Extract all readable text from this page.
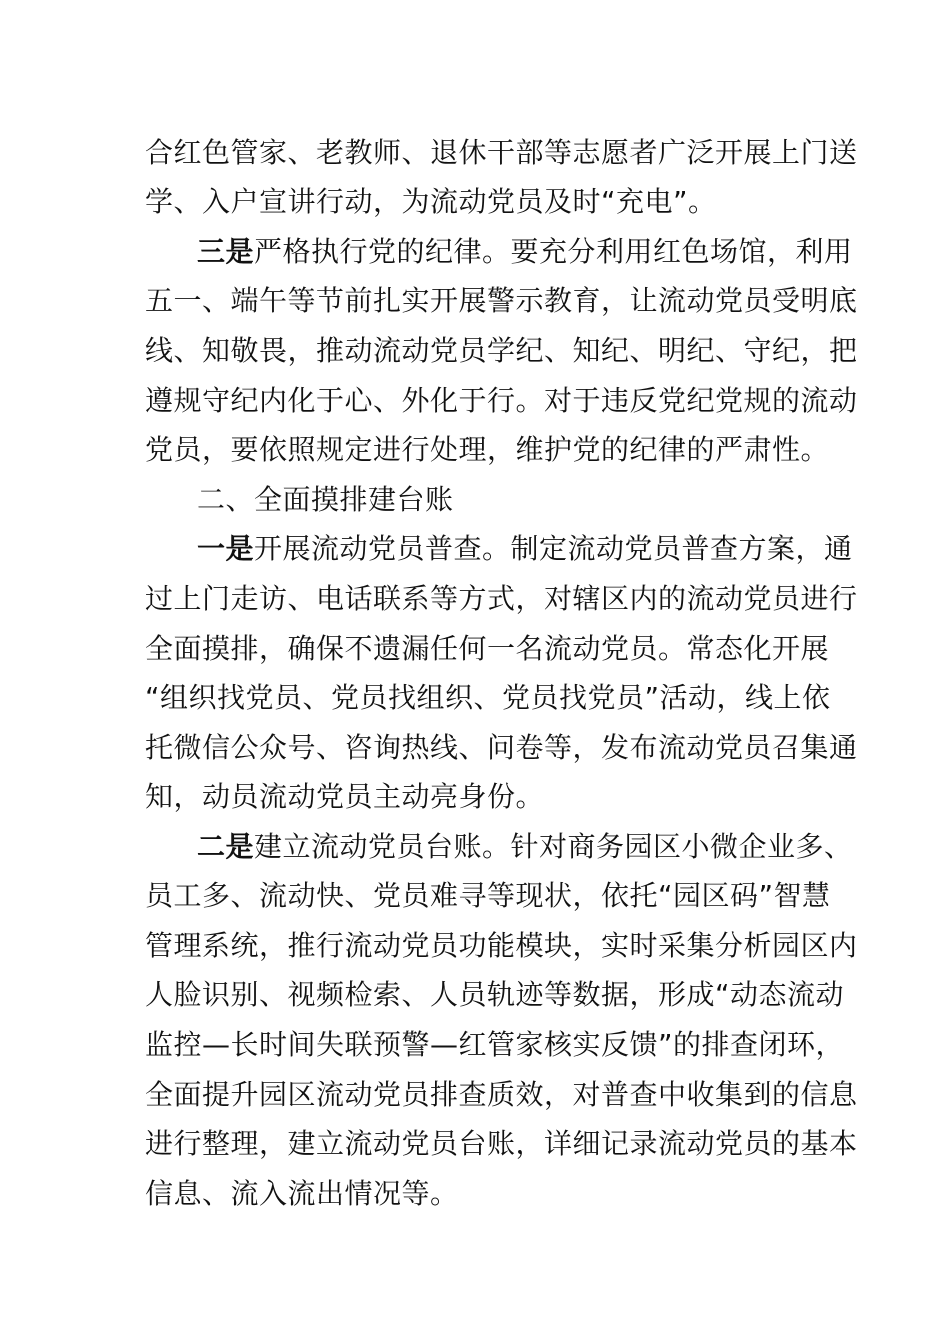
合红色管家、老教师、退休干部等志愿者广泛开展上门送
学、入户宣讲行动，为流动党员及时“充电”。
三是严格执行党的纪律。要充分利用红色场馆，利用
五一、端午等节前扎实开展警示教育，让流动党员受明底
线、知敬畏，推动流动党员学纪、知纪、明纪、守纪，把
遵规守纪内化于心、外化于行。对于违反党纪党规的流动
党员，要依照规定进行处理，维护党的纪律的严肃性。
二、全面摸排建台账
一是开展流动党员普查。制定流动党员普查方案，通
过上门走访、电话联系等方式，对辖区内的流动党员进行
全面摸排，确保不遗漏任何一名流动党员。常态化开展
“组织找党员、党员找组织、党员找党员”活动，线上依
托微信公众号、咨询热线、问卷等，发布流动党员召集通
知，动员流动党员主动亮身份。
二是建立流动党员台账。针对商务园区小微企业多、
员工多、流动快、党员难寻等现状，依托“园区码”智慧
管理系统，推行流动党员功能模块，实时采集分析园区内
人脸识别、视频检索、人员轨迹等数据，形成“动态流动
监控—长时间失联预警—红管家核实反馈”的排查闭环，
全面提升园区流动党员排查质效，对普查中收集到的信息
进行整理，建立流动党员台账，详细记录流动党员的基本
信息、流入流出情况等。
